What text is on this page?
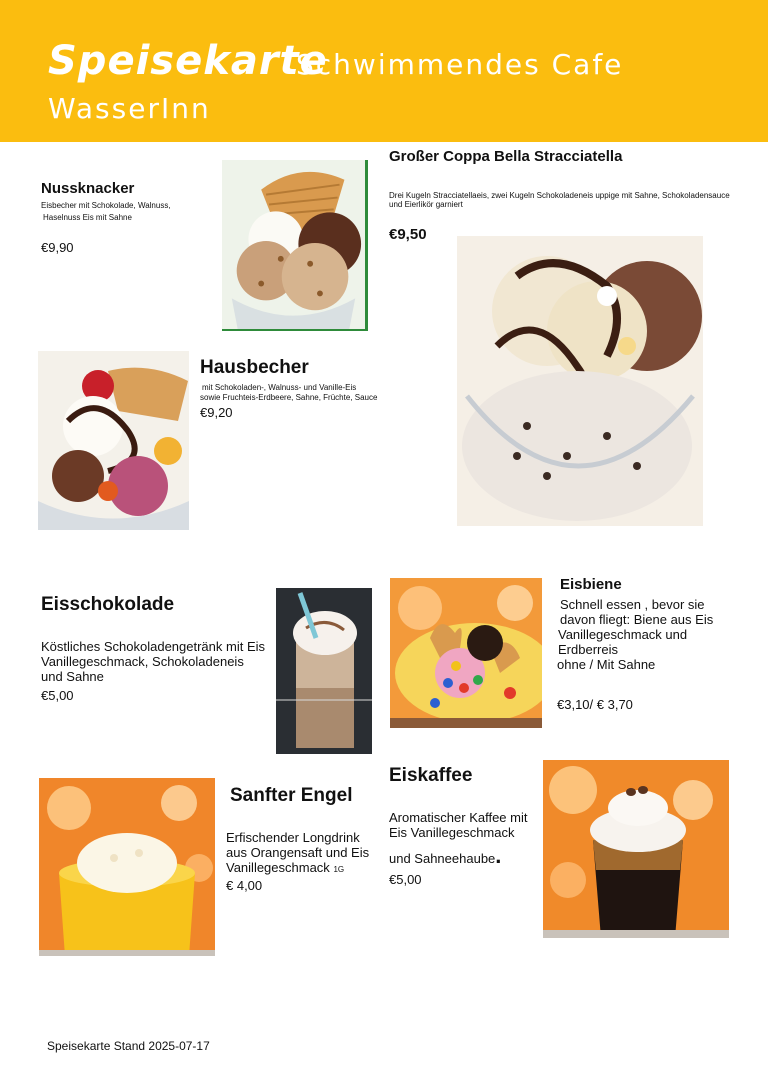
Speisekarte
Schwimmendes Cafe
WasserInn
Nussknacker
Eisbecher mit Schokolade, Walnuss,
Haselnuss Eis mit Sahne
€9,90
Großer Coppa Bella Stracciatella
Drei Kugeln Stracciatellaeis, zwei Kugeln Schokoladeneis uppige mit Sahne, Schokoladensauce
und Eierlikör garniert
€9,50
Hausbecher
mit Schokoladen-, Walnuss- und Vanille-Eis
sowie Fruchteis-Erdbeere, Sahne, Früchte, Sauce
€9,20
Eisschokolade
Köstliches Schokoladengetränk mit Eis
Vanillegeschmack, Schokoladeneis
und Sahne
€5,00
Eisbiene
Schnell essen , bevor sie
davon fliegt: Biene aus Eis
Vanillegeschmack und
Erdberreis
ohne / Mit Sahne
€3,10/ € 3,70
Eiskaffee
Aromatischer Kaffee mit
Eis Vanillegeschmack
und Sahneehaube.
€5,00
Sanfter Engel
Erfischender Longdrink
aus Orangensaft und Eis
Vanillegeschmack 1G
€ 4,00
Speisekarte Stand 2025-07-17
